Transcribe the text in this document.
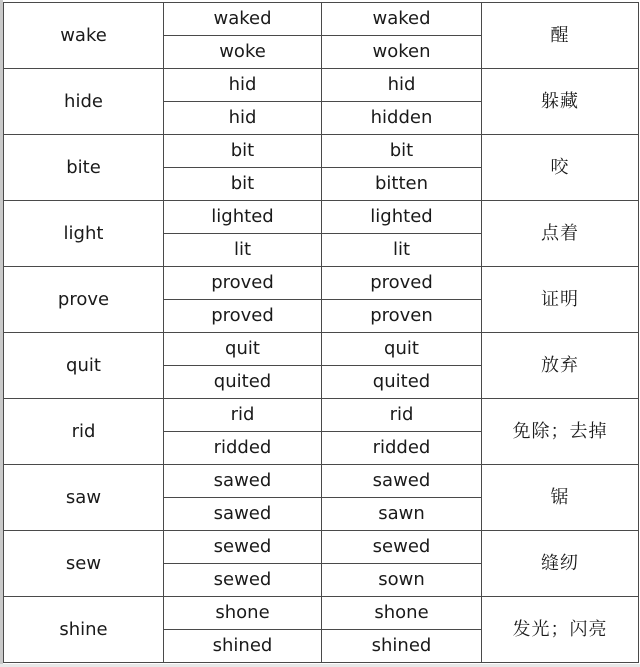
wake	waked	waked	醒
	woke	woken	
hide	hid	hid	躲藏
	hid	hidden	
bite	bit	bit	咬
	bit	bitten	
light	lighted	lighted	点着
	lit	lit	
prove	proved	proved	证明
	proved	proven	
quit	quit	quit	放弃
	quited	quited	
rid	rid	rid	免除；去掉
	ridded	ridded	
saw	sawed	sawed	锯
	sawed	sawn	
sew	sewed	sewed	缝纫
	sewed	sown	
shine	shone	shone	发光；闪亮
	shined	shined	
